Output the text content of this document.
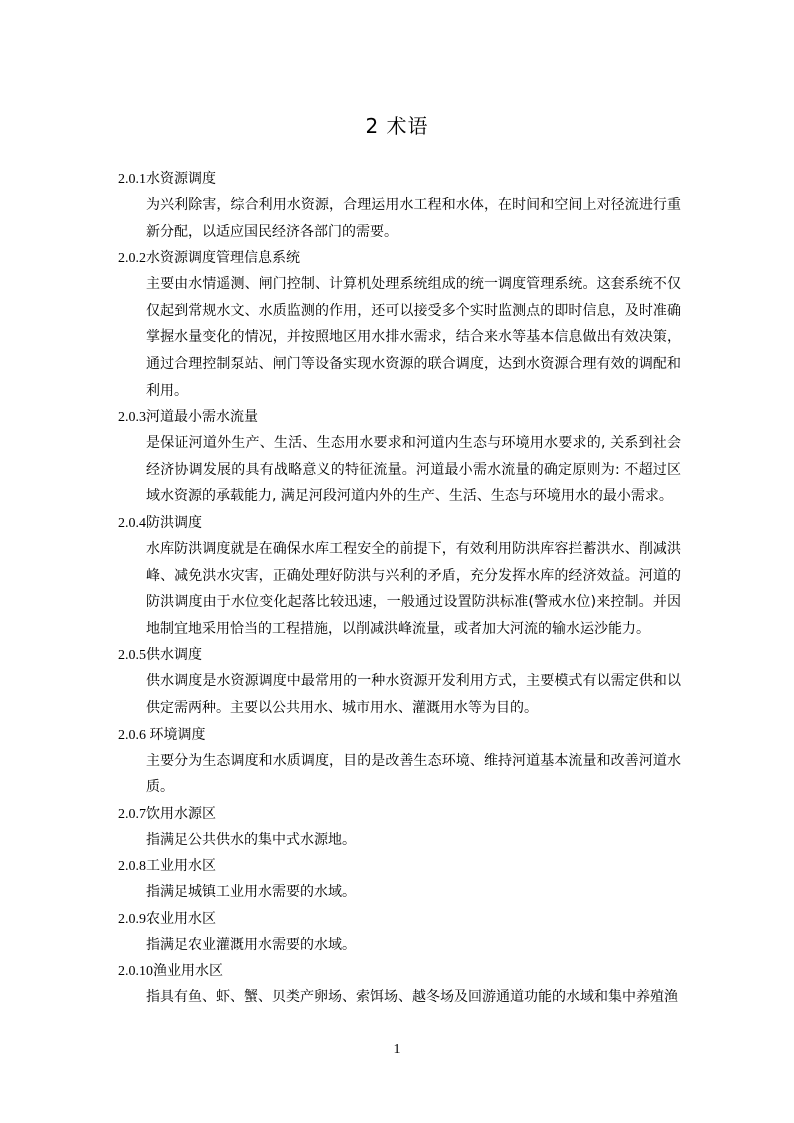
2 术语
2.0.1水资源调度
为兴利除害，综合利用水资源，合理运用水工程和水体，在时间和空间上对径流进行重新分配，以适应国民经济各部门的需要。
2.0.2水资源调度管理信息系统
主要由水情遥测、闸门控制、计算机处理系统组成的统一调度管理系统。这套系统不仅仅起到常规水文、水质监测的作用，还可以接受多个实时监测点的即时信息，及时准确掌握水量变化的情况，并按照地区用水排水需求，结合来水等基本信息做出有效决策，通过合理控制泵站、闸门等设备实现水资源的联合调度，达到水资源合理有效的调配和利用。
2.0.3河道最小需水流量
是保证河道外生产、生活、生态用水要求和河道内生态与环境用水要求的, 关系到社会经济协调发展的具有战略意义的特征流量。河道最小需水流量的确定原则为: 不超过区域水资源的承载能力, 满足河段河道内外的生产、生活、生态与环境用水的最小需求。
2.0.4防洪调度
水库防洪调度就是在确保水库工程安全的前提下，有效利用防洪库容拦蓄洪水、削减洪峰、减免洪水灾害，正确处理好防洪与兴利的矛盾，充分发挥水库的经济效益。河道的防洪调度由于水位变化起落比较迅速，一般通过设置防洪标准(警戒水位)来控制。并因地制宜地采用恰当的工程措施，以削减洪峰流量，或者加大河流的输水运沙能力。
2.0.5供水调度
供水调度是水资源调度中最常用的一种水资源开发利用方式，主要模式有以需定供和以供定需两种。主要以公共用水、城市用水、灌溉用水等为目的。
2.0.6 环境调度
主要分为生态调度和水质调度，目的是改善生态环境、维持河道基本流量和改善河道水质。
2.0.7饮用水源区
指满足公共供水的集中式水源地。
2.0.8工业用水区
指满足城镇工业用水需要的水域。
2.0.9农业用水区
指满足农业灌溉用水需要的水域。
2.0.10渔业用水区
指具有鱼、虾、蟹、贝类产卵场、索饵场、越冬场及回游通道功能的水域和集中养殖渔
1
